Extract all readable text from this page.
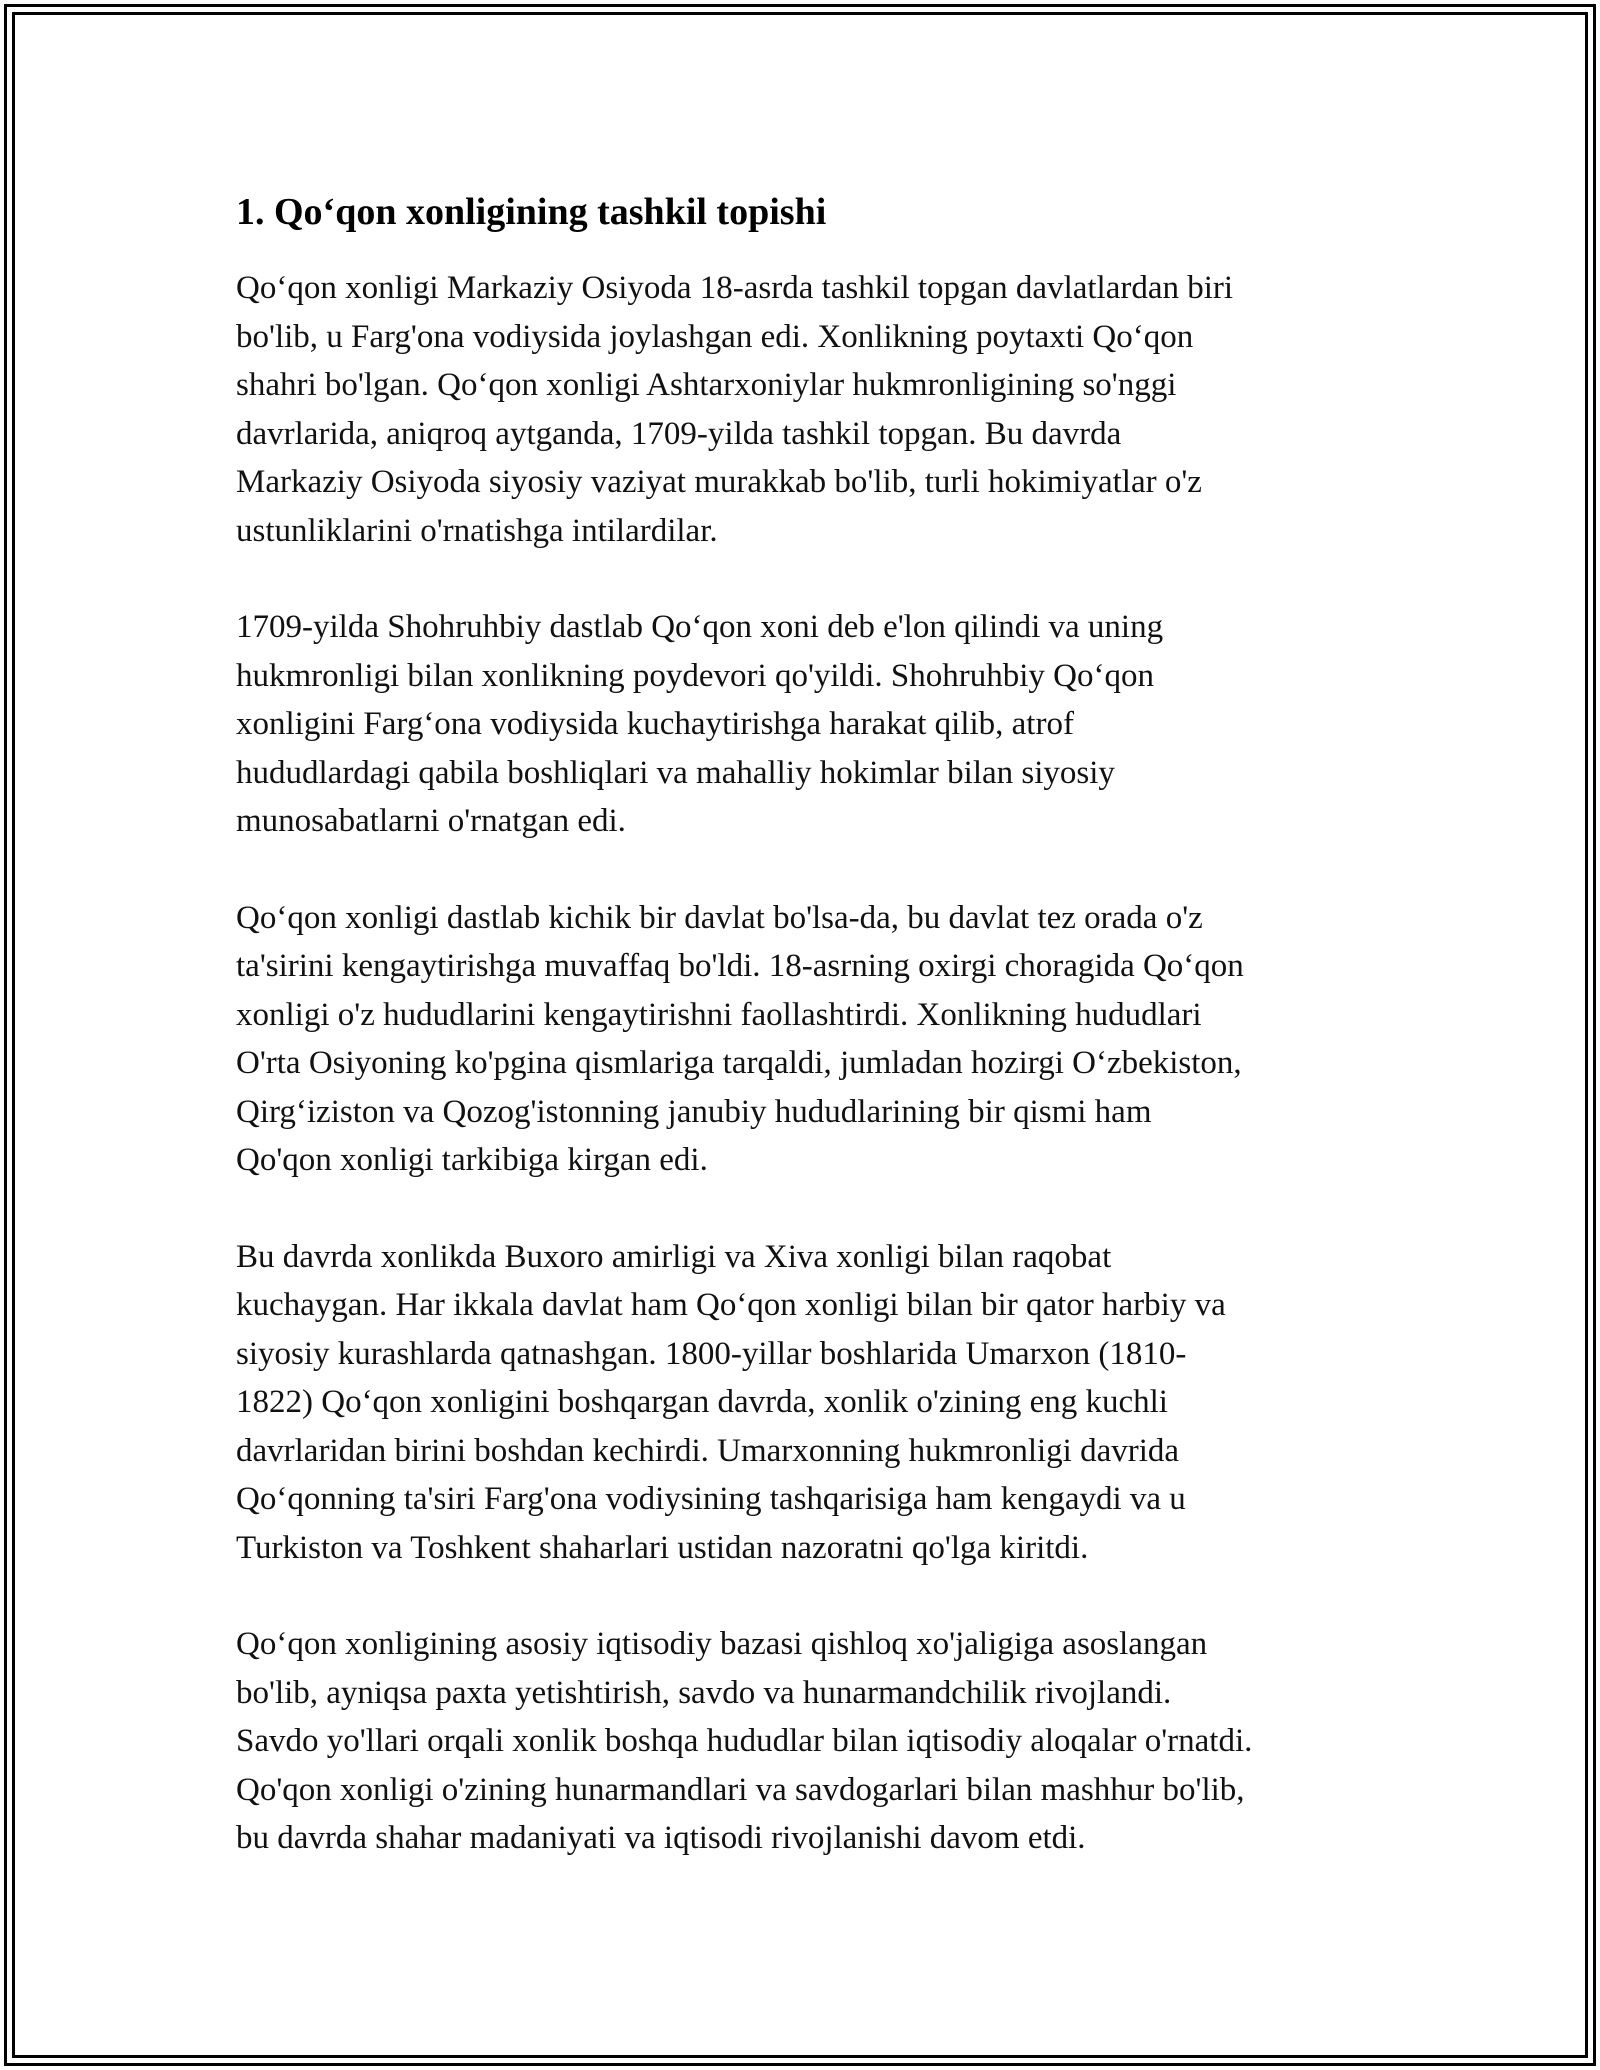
1. Qo‘qon xonligining tashkil topishi

Qo‘qon xonligi Markaziy Osiyoda 18-asrda tashkil topgan davlatlardan biri
bo'lib, u Farg'ona vodiysida joylashgan edi. Xonlikning poytaxti Qo‘qon
shahri bo'lgan. Qo‘qon xonligi Ashtarxoniylar hukmronligining so'nggi
davrlarida, aniqroq aytganda, 1709-yilda tashkil topgan. Bu davrda
Markaziy Osiyoda siyosiy vaziyat murakkab bo'lib, turli hokimiyatlar o'z
ustunliklarini o'rnatishga intilardilar.

1709-yilda Shohruhbiy dastlab Qo‘qon xoni deb e'lon qilindi va uning
hukmronligi bilan xonlikning poydevori qo'yildi. Shohruhbiy Qo‘qon
xonligini Farg‘ona vodiysida kuchaytirishga harakat qilib, atrof
hududlardagi qabila boshliqlari va mahalliy hokimlar bilan siyosiy
munosabatlarni o'rnatgan edi.

Qo‘qon xonligi dastlab kichik bir davlat bo'lsa-da, bu davlat tez orada o'z
ta'sirini kengaytirishga muvaffaq bo'ldi. 18-asrning oxirgi choragida Qo‘qon
xonligi o'z hududlarini kengaytirishni faollashtirdi. Xonlikning hududlari
O'rta Osiyoning ko'pgina qismlariga tarqaldi, jumladan hozirgi O‘zbekiston,
Qirg‘iziston va Qozog'istonning janubiy hududlarining bir qismi ham
Qo'qon xonligi tarkibiga kirgan edi.

Bu davrda xonlikda Buxoro amirligi va Xiva xonligi bilan raqobat
kuchaygan. Har ikkala davlat ham Qo‘qon xonligi bilan bir qator harbiy va
siyosiy kurashlarda qatnashgan. 1800-yillar boshlarida Umarxon (1810-
1822) Qo‘qon xonligini boshqargan davrda, xonlik o'zining eng kuchli
davrlaridan birini boshdan kechirdi. Umarxonning hukmronligi davrida
Qo‘qonning ta'siri Farg'ona vodiysining tashqarisiga ham kengaydi va u
Turkiston va Toshkent shaharlari ustidan nazoratni qo'lga kiritdi.

Qo‘qon xonligining asosiy iqtisodiy bazasi qishloq xo'jaligiga asoslangan
bo'lib, ayniqsa paxta yetishtirish, savdo va hunarmandchilik rivojlandi.
Savdo yo'llari orqali xonlik boshqa hududlar bilan iqtisodiy aloqalar o'rnatdi.
Qo'qon xonligi o'zining hunarmandlari va savdogarlari bilan mashhur bo'lib,
bu davrda shahar madaniyati va iqtisodi rivojlanishi davom etdi.
